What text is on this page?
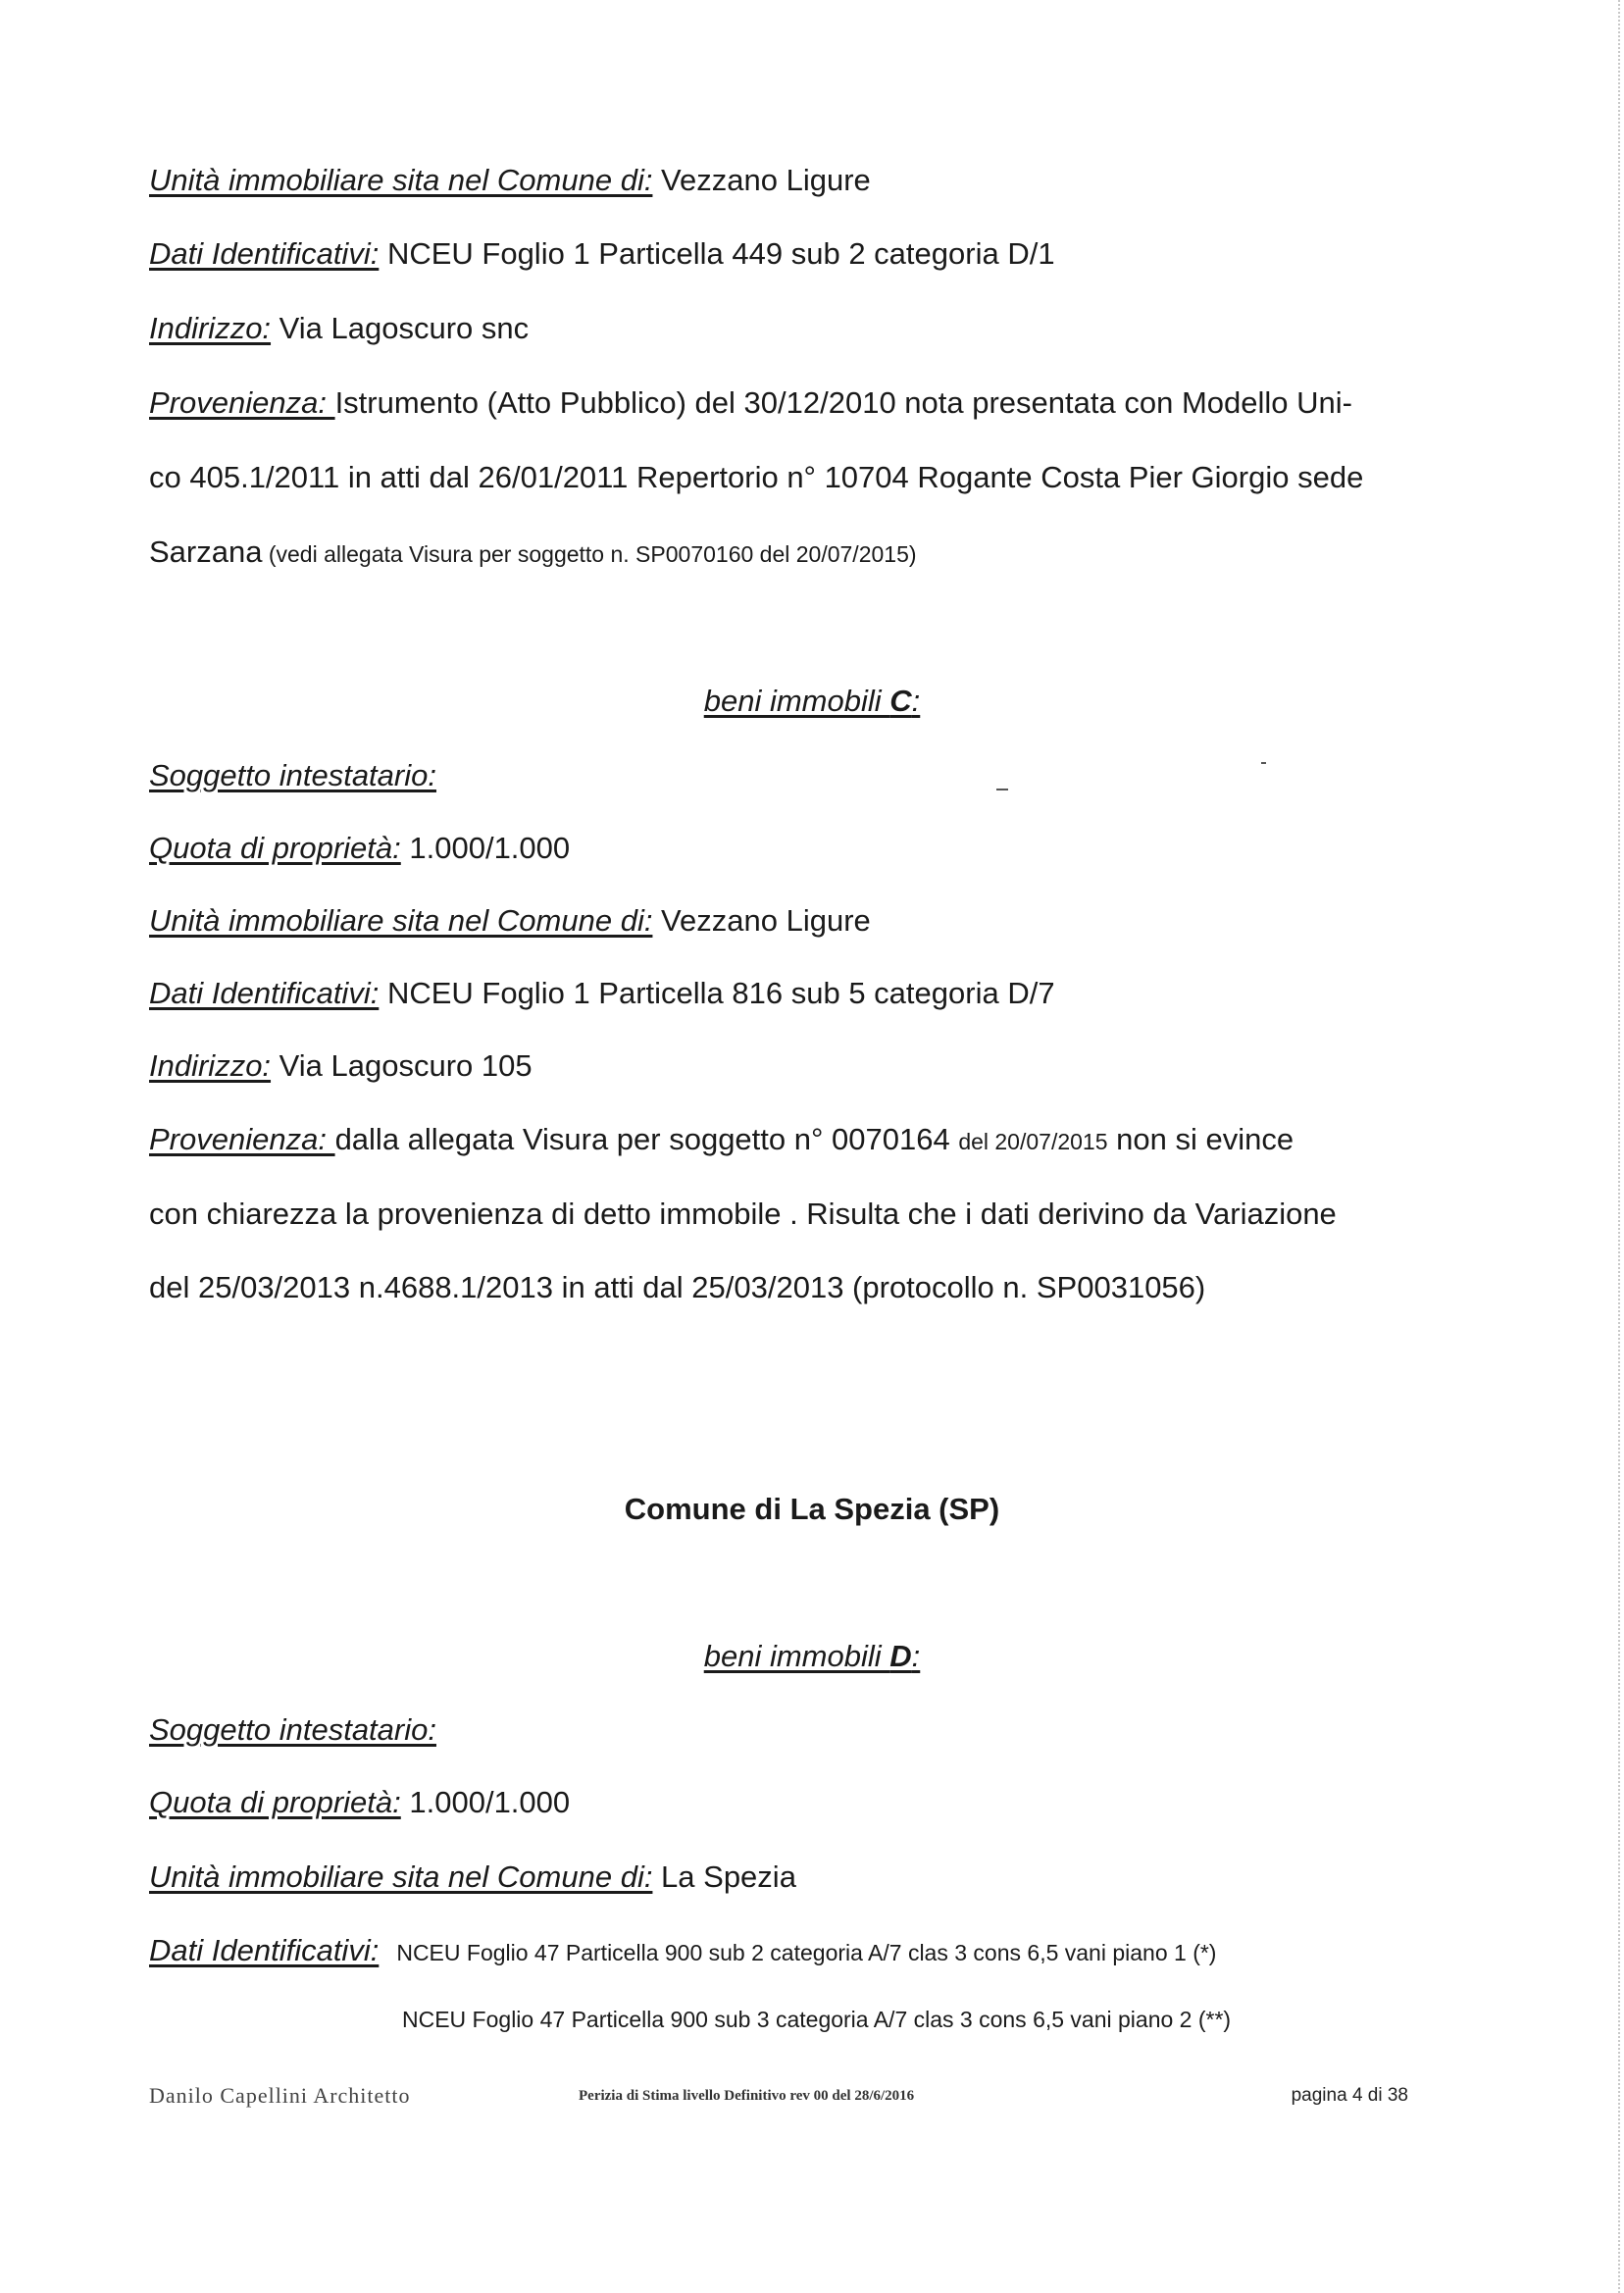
Unità immobiliare sita nel Comune di: Vezzano Ligure
Dati Identificativi: NCEU Foglio 1 Particella 449 sub 2 categoria D/1
Indirizzo: Via Lagoscuro snc
Provenienza: Istrumento (Atto Pubblico) del 30/12/2010 nota presentata con Modello Uni-
co 405.1/2011 in atti dal 26/01/2011 Repertorio n° 10704 Rogante Costa Pier Giorgio sede
Sarzana (vedi allegata Visura per soggetto n. SP0070160 del 20/07/2015)
beni immobili C:
Soggetto intestatario:
Quota di proprietà: 1.000/1.000
Unità immobiliare sita nel Comune di: Vezzano Ligure
Dati Identificativi: NCEU Foglio 1 Particella 816 sub 5 categoria D/7
Indirizzo: Via Lagoscuro 105
Provenienza: dalla allegata Visura per soggetto n° 0070164 del 20/07/2015 non si evince
con chiarezza la provenienza di detto immobile . Risulta che i dati derivino da Variazione
del 25/03/2013 n.4688.1/2013 in atti dal 25/03/2013 (protocollo n. SP0031056)
Comune di La Spezia (SP)
beni immobili D:
Soggetto intestatario:
Quota di proprietà: 1.000/1.000
Unità immobiliare sita nel Comune di: La Spezia
Dati Identificativi: NCEU Foglio 47 Particella 900 sub 2 categoria A/7 clas 3 cons 6,5 vani piano 1 (*)
NCEU Foglio 47 Particella 900 sub 3 categoria A/7 clas 3 cons 6,5 vani piano 2 (**)
Danilo Capellini Architetto	Perizia di Stima livello Definitivo rev 00 del 28/6/2016	pagina 4 di 38
